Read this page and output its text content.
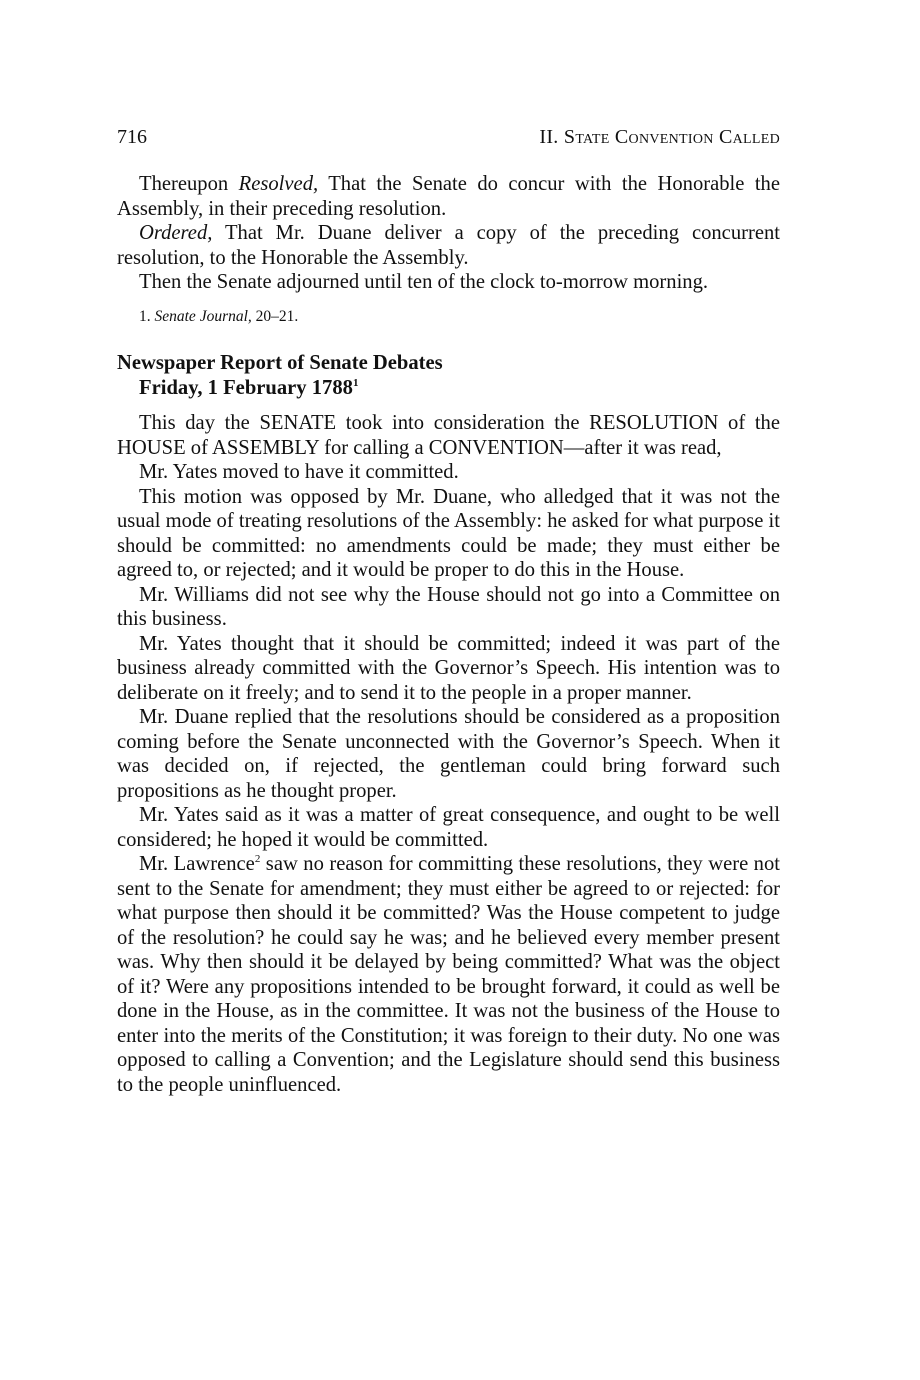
716	II. State Convention Called

Thereupon Resolved, That the Senate do concur with the Honorable the Assembly, in their preceding resolution.

Ordered, That Mr. Duane deliver a copy of the preceding concurrent resolution, to the Honorable the Assembly.

Then the Senate adjourned until ten of the clock to-morrow morning.

1. Senate Journal, 20–21.
Newspaper Report of Senate Debates
Friday, 1 February 1788$^1$

This day the SENATE took into consideration the RESOLUTION of the HOUSE of ASSEMBLY for calling a CONVENTION—after it was read,

Mr. Yates moved to have it committed.

This motion was opposed by Mr. Duane, who alledged that it was not the usual mode of treating resolutions of the Assembly: he asked for what purpose it should be committed: no amendments could be made; they must either be agreed to, or rejected; and it would be proper to do this in the House.

Mr. Williams did not see why the House should not go into a Committee on this business.

Mr. Yates thought that it should be committed; indeed it was part of the business already committed with the Governor’s Speech. His intention was to deliberate on it freely; and to send it to the people in a proper manner.

Mr. Duane replied that the resolutions should be considered as a proposition coming before the Senate unconnected with the Governor’s Speech. When it was decided on, if rejected, the gentleman could bring forward such propositions as he thought proper.

Mr. Yates said as it was a matter of great consequence, and ought to be well considered; he hoped it would be committed.

Mr. Lawrence$^2$ saw no reason for committing these resolutions, they were not sent to the Senate for amendment; they must either be agreed to or rejected: for what purpose then should it be committed? Was the House competent to judge of the resolution? he could say he was; and he believed every member present was. Why then should it be delayed by being committed? What was the object of it? Were any propositions intended to be brought forward, it could as well be done in the House, as in the committee. It was not the business of the House to enter into the merits of the Constitution; it was foreign to their duty. No one was opposed to calling a Convention; and the Legislature should send this business to the people uninfluenced.
